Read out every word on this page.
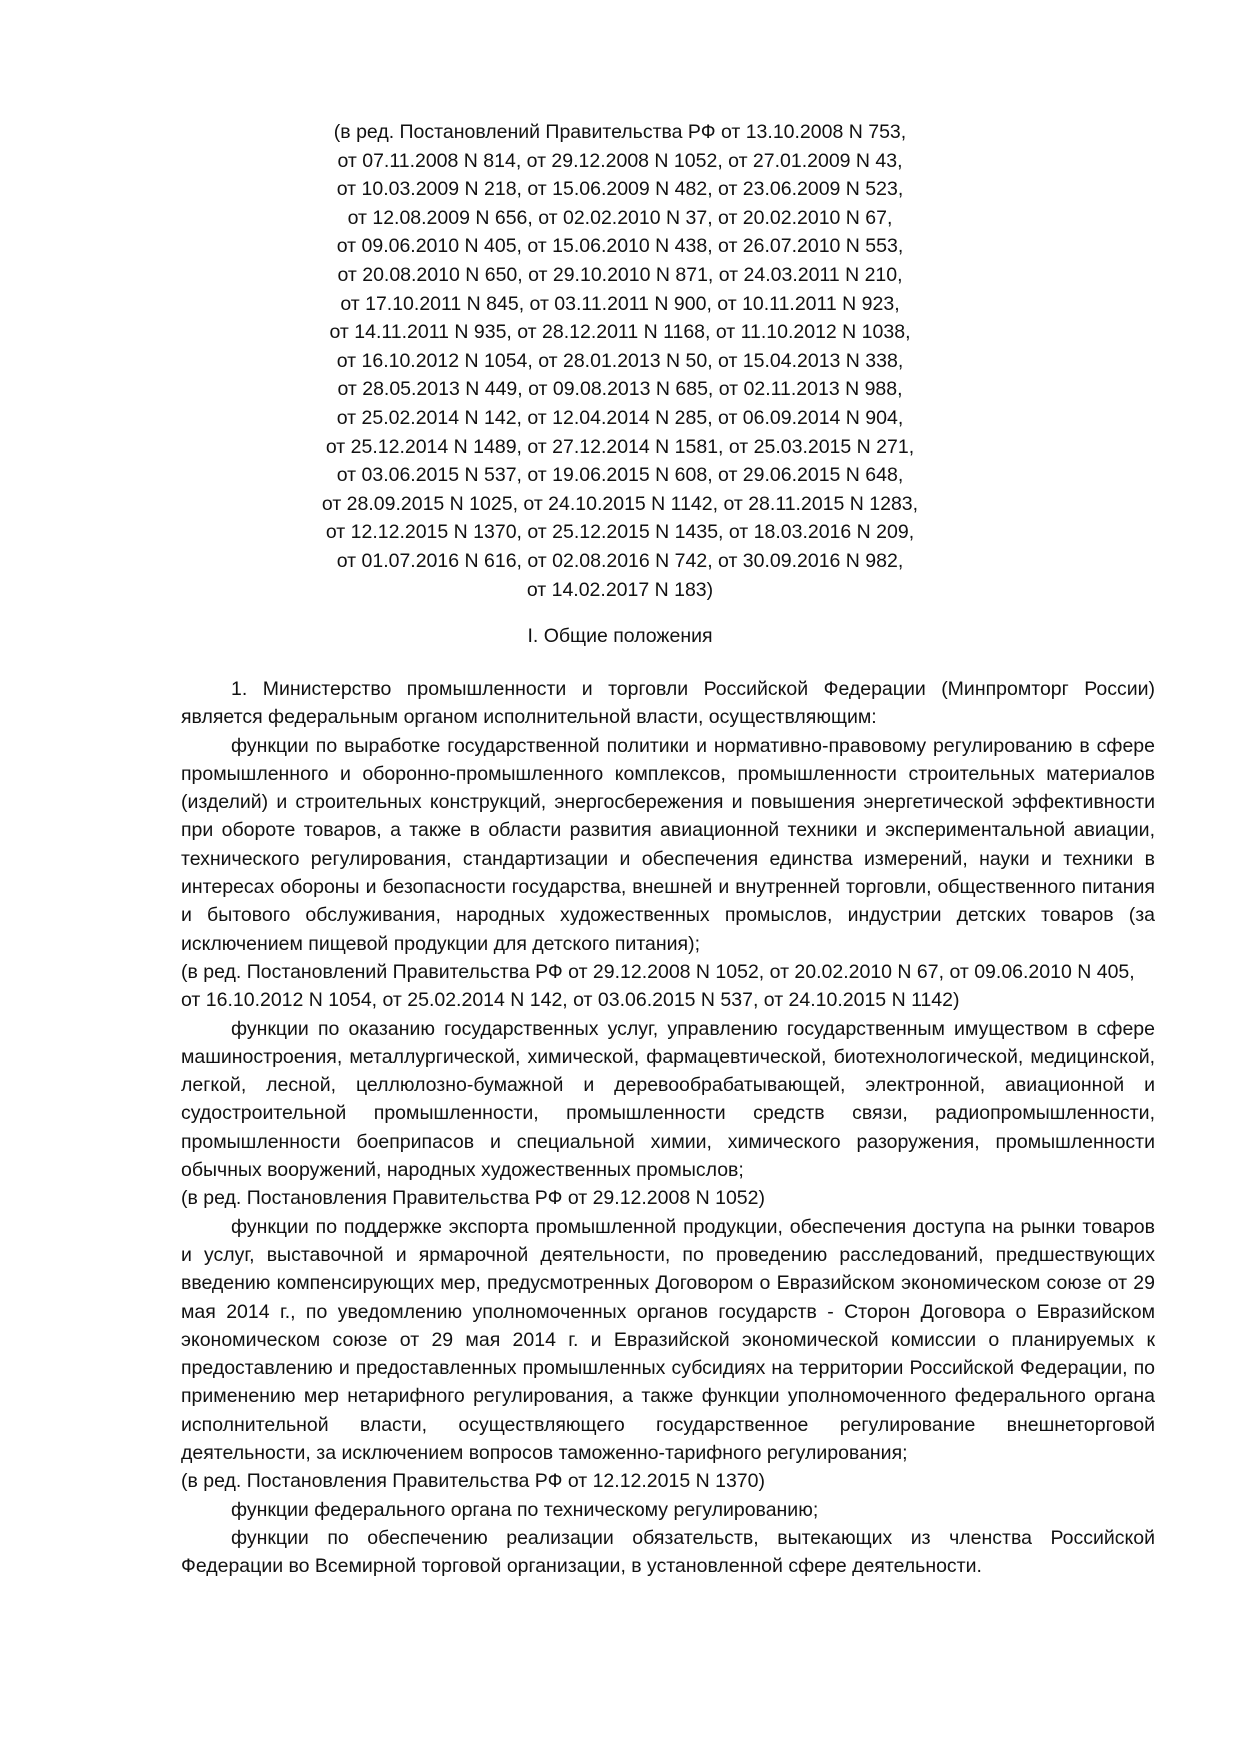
(в ред. Постановлений Правительства РФ от 13.10.2008 N 753,
от 07.11.2008 N 814, от 29.12.2008 N 1052, от 27.01.2009 N 43,
от 10.03.2009 N 218, от 15.06.2009 N 482, от 23.06.2009 N 523,
от 12.08.2009 N 656, от 02.02.2010 N 37, от 20.02.2010 N 67,
от 09.06.2010 N 405, от 15.06.2010 N 438, от 26.07.2010 N 553,
от 20.08.2010 N 650, от 29.10.2010 N 871, от 24.03.2011 N 210,
от 17.10.2011 N 845, от 03.11.2011 N 900, от 10.11.2011 N 923,
от 14.11.2011 N 935, от 28.12.2011 N 1168, от 11.10.2012 N 1038,
от 16.10.2012 N 1054, от 28.01.2013 N 50, от 15.04.2013 N 338,
от 28.05.2013 N 449, от 09.08.2013 N 685, от 02.11.2013 N 988,
от 25.02.2014 N 142, от 12.04.2014 N 285, от 06.09.2014 N 904,
от 25.12.2014 N 1489, от 27.12.2014 N 1581, от 25.03.2015 N 271,
от 03.06.2015 N 537, от 19.06.2015 N 608, от 29.06.2015 N 648,
от 28.09.2015 N 1025, от 24.10.2015 N 1142, от 28.11.2015 N 1283,
от 12.12.2015 N 1370, от 25.12.2015 N 1435, от 18.03.2016 N 209,
от 01.07.2016 N 616, от 02.08.2016 N 742, от 30.09.2016 N 982,
от 14.02.2017 N 183)
I. Общие положения

1. Министерство промышленности и торговли Российской Федерации (Минпромторг России) является федеральным органом исполнительной власти, осуществляющим:

функции по выработке государственной политики и нормативно-правовому регулированию в сфере промышленного и оборонно-промышленного комплексов, промышленности строительных материалов (изделий) и строительных конструкций, энергосбережения и повышения энергетической эффективности при обороте товаров, а также в области развития авиационной техники и экспериментальной авиации, технического регулирования, стандартизации и обеспечения единства измерений, науки и техники в интересах обороны и безопасности государства, внешней и внутренней торговли, общественного питания и бытового обслуживания, народных художественных промыслов, индустрии детских товаров (за исключением пищевой продукции для детского питания);

(в ред. Постановлений Правительства РФ от 29.12.2008 N 1052, от 20.02.2010 N 67, от 09.06.2010 N 405, от 16.10.2012 N 1054, от 25.02.2014 N 142, от 03.06.2015 N 537, от 24.10.2015 N 1142)

функции по оказанию государственных услуг, управлению государственным имуществом в сфере машиностроения, металлургической, химической, фармацевтической, биотехнологической, медицинской, легкой, лесной, целлюлозно-бумажной и деревообрабатывающей, электронной, авиационной и судостроительной промышленности, промышленности средств связи, радиопромышленности, промышленности боеприпасов и специальной химии, химического разоружения, промышленности обычных вооружений, народных художественных промыслов;

(в ред. Постановления Правительства РФ от 29.12.2008 N 1052)

функции по поддержке экспорта промышленной продукции, обеспечения доступа на рынки товаров и услуг, выставочной и ярмарочной деятельности, по проведению расследований, предшествующих введению компенсирующих мер, предусмотренных Договором о Евразийском экономическом союзе от 29 мая 2014 г., по уведомлению уполномоченных органов государств - Сторон Договора о Евразийском экономическом союзе от 29 мая 2014 г. и Евразийской экономической комиссии о планируемых к предоставлению и предоставленных промышленных субсидиях на территории Российской Федерации, по применению мер нетарифного регулирования, а также функции уполномоченного федерального органа исполнительной власти, осуществляющего государственное регулирование внешнеторговой деятельности, за исключением вопросов таможенно-тарифного регулирования;

(в ред. Постановления Правительства РФ от 12.12.2015 N 1370)

функции федерального органа по техническому регулированию;

функции по обеспечению реализации обязательств, вытекающих из членства Российской Федерации во Всемирной торговой организации, в установленной сфере деятельности.
